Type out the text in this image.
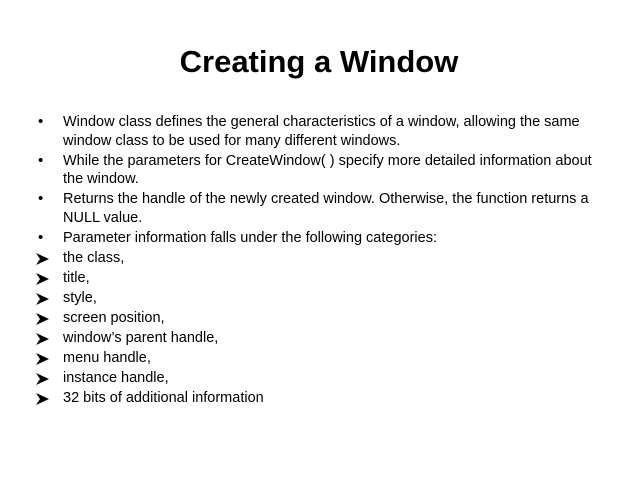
Creating a Window
•	Window class defines the general characteristics of a window, allowing the same window class to be used for many different windows.
•	While the parameters for CreateWindow( ) specify more detailed information about the window.
•	Returns the handle of the newly created window. Otherwise, the function returns a NULL value.
•	Parameter information falls under the following categories:
the class,
title,
style,
screen position,
window’s parent handle,
menu handle,
instance handle,
32 bits of additional information
